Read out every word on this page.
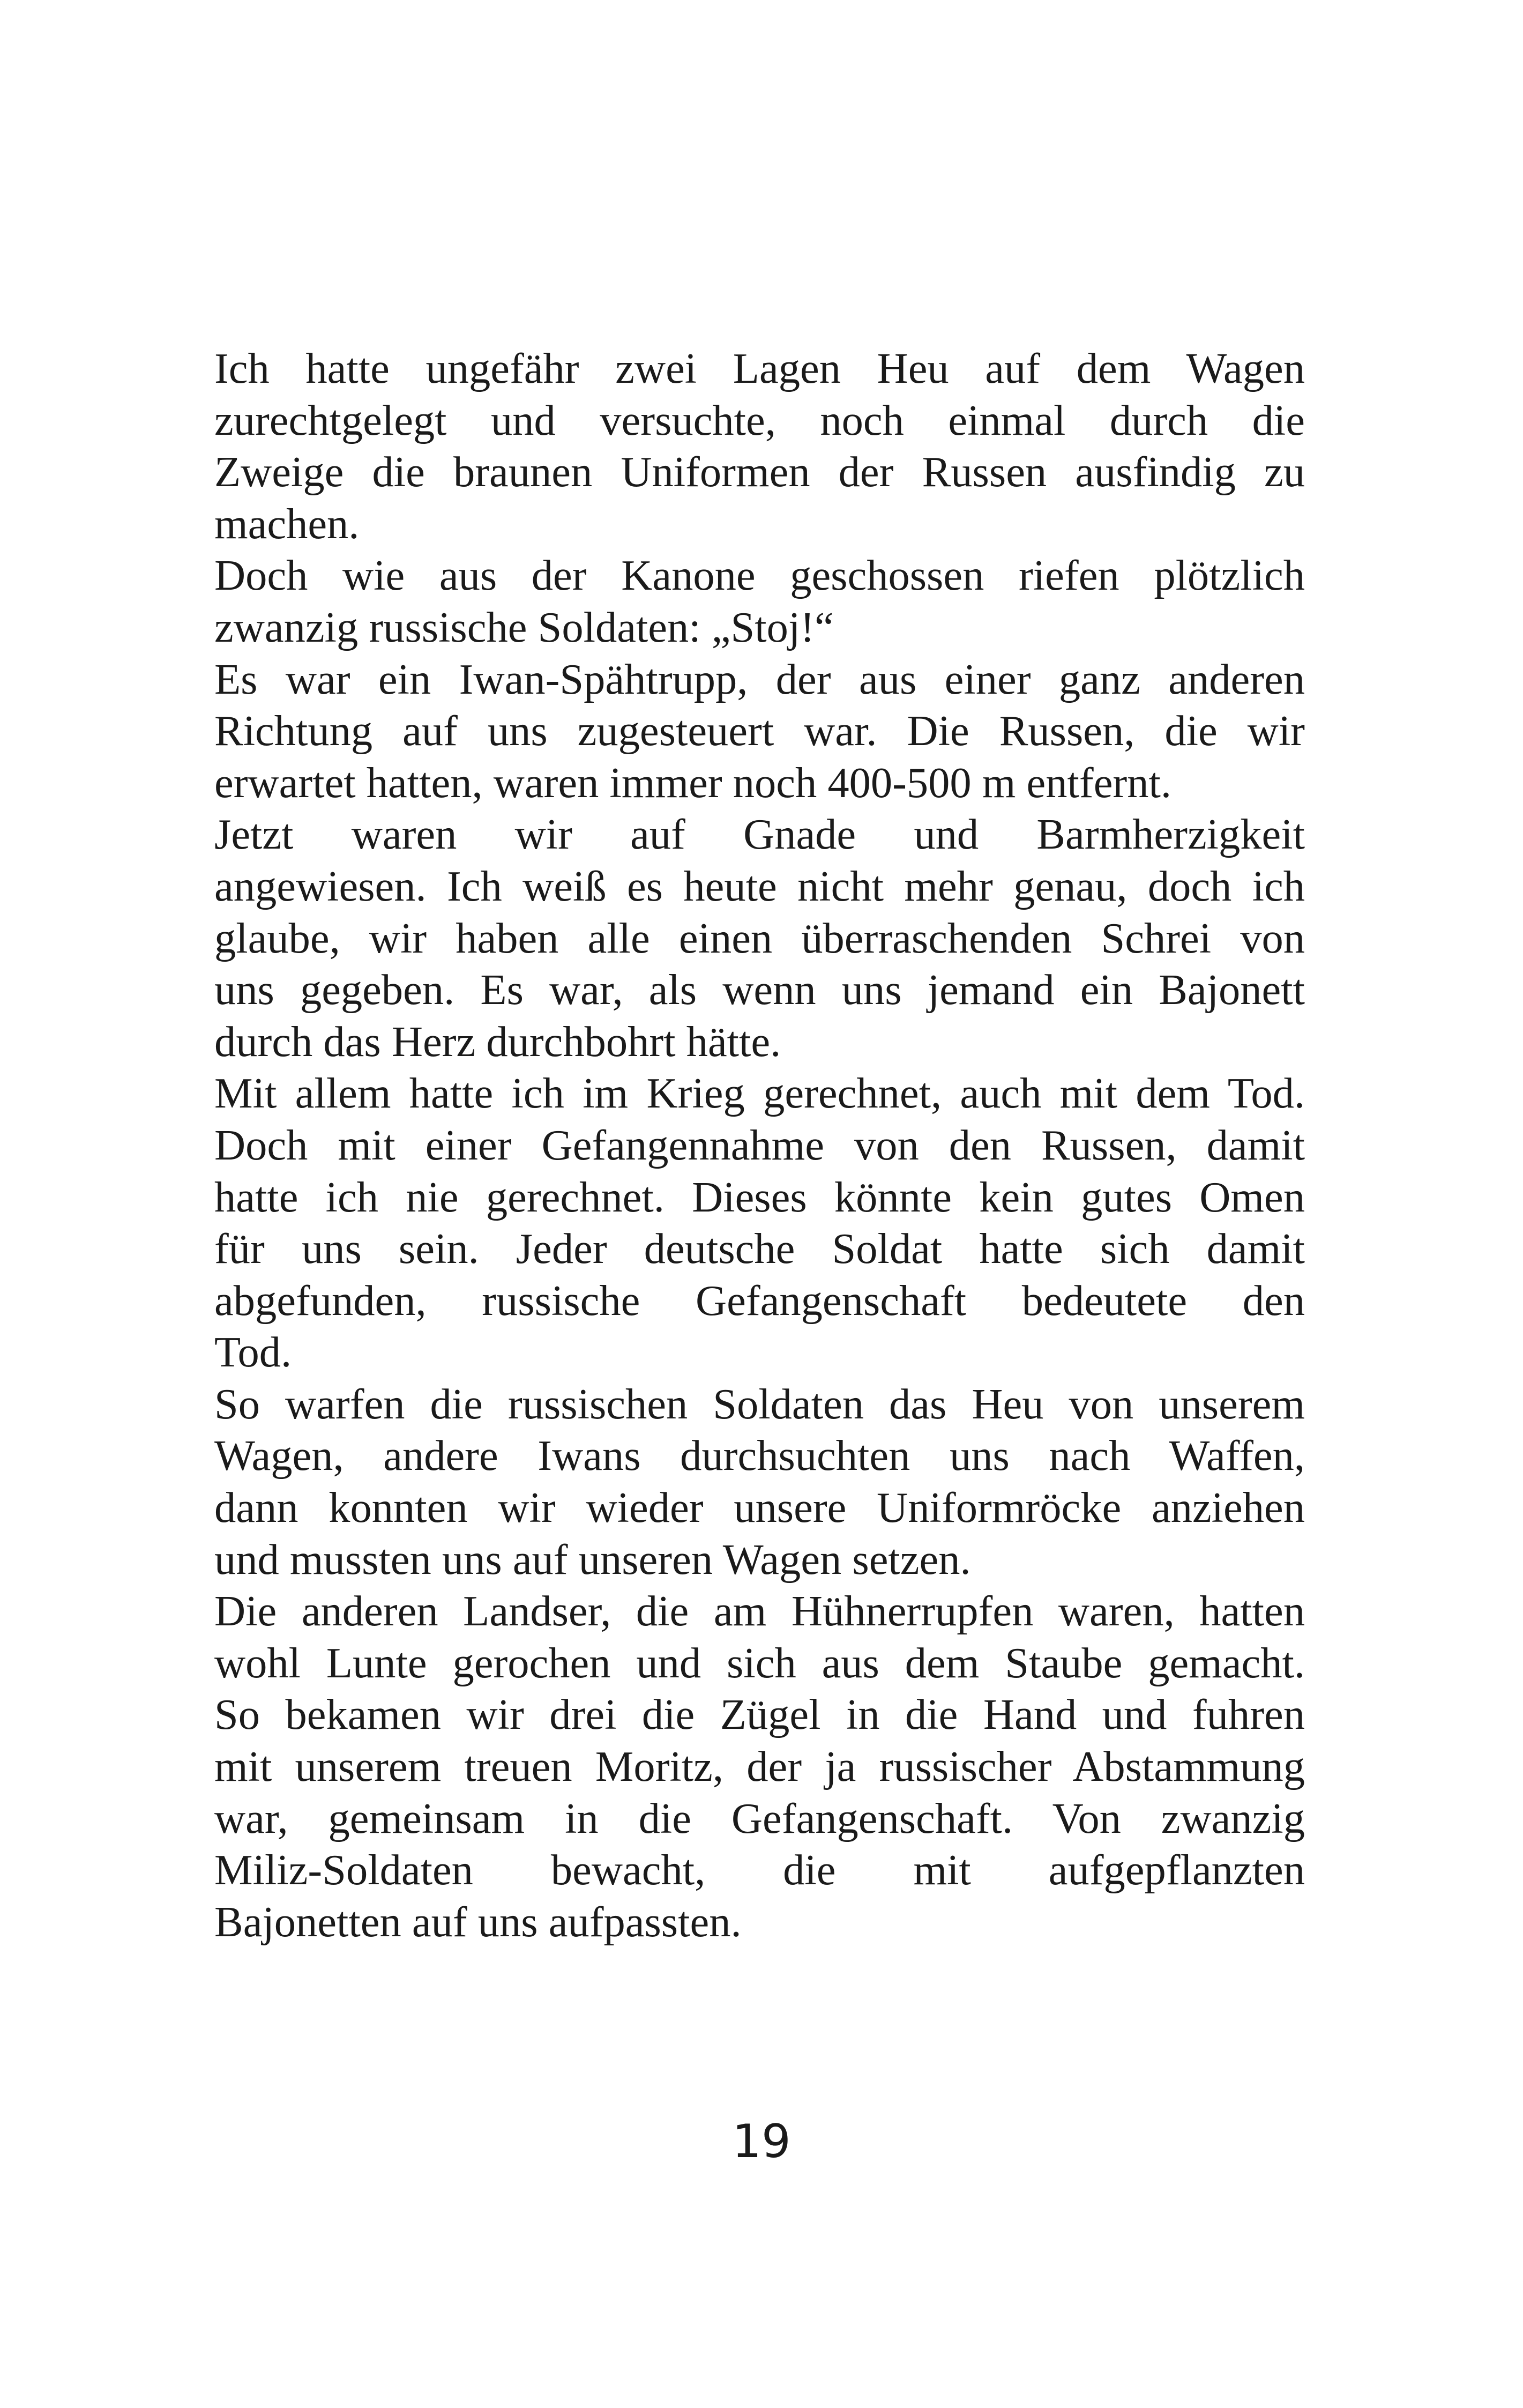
Ich hatte ungefähr zwei Lagen Heu auf dem Wagen
zurechtgelegt und versuchte, noch einmal durch die
Zweige die braunen Uniformen der Russen ausfindig zu
machen.
Doch wie aus der Kanone geschossen riefen plötzlich
zwanzig russische Soldaten: „Stoj!“
Es war ein Iwan-Spähtrupp, der aus einer ganz anderen
Richtung auf uns zugesteuert war. Die Russen, die wir
erwartet hatten, waren immer noch 400-500 m entfernt.
Jetzt waren wir auf Gnade und Barmherzigkeit
angewiesen. Ich weiß es heute nicht mehr genau, doch ich
glaube, wir haben alle einen überraschenden Schrei von
uns gegeben. Es war, als wenn uns jemand ein Bajonett
durch das Herz durchbohrt hätte.
Mit allem hatte ich im Krieg gerechnet, auch mit dem Tod.
Doch mit einer Gefangennahme von den Russen, damit
hatte ich nie gerechnet. Dieses könnte kein gutes Omen
für uns sein. Jeder deutsche Soldat hatte sich damit
abgefunden, russische Gefangenschaft bedeutete den
Tod.
So warfen die russischen Soldaten das Heu von unserem
Wagen, andere Iwans durchsuchten uns nach Waffen,
dann konnten wir wieder unsere Uniformröcke anziehen
und mussten uns auf unseren Wagen setzen.
Die anderen Landser, die am Hühnerrupfen waren, hatten
wohl Lunte gerochen und sich aus dem Staube gemacht.
So bekamen wir drei die Zügel in die Hand und fuhren
mit unserem treuen Moritz, der ja russischer Abstammung
war, gemeinsam in die Gefangenschaft. Von zwanzig
Miliz-Soldaten bewacht, die mit aufgepflanzten
Bajonetten auf uns aufpassten.
19
